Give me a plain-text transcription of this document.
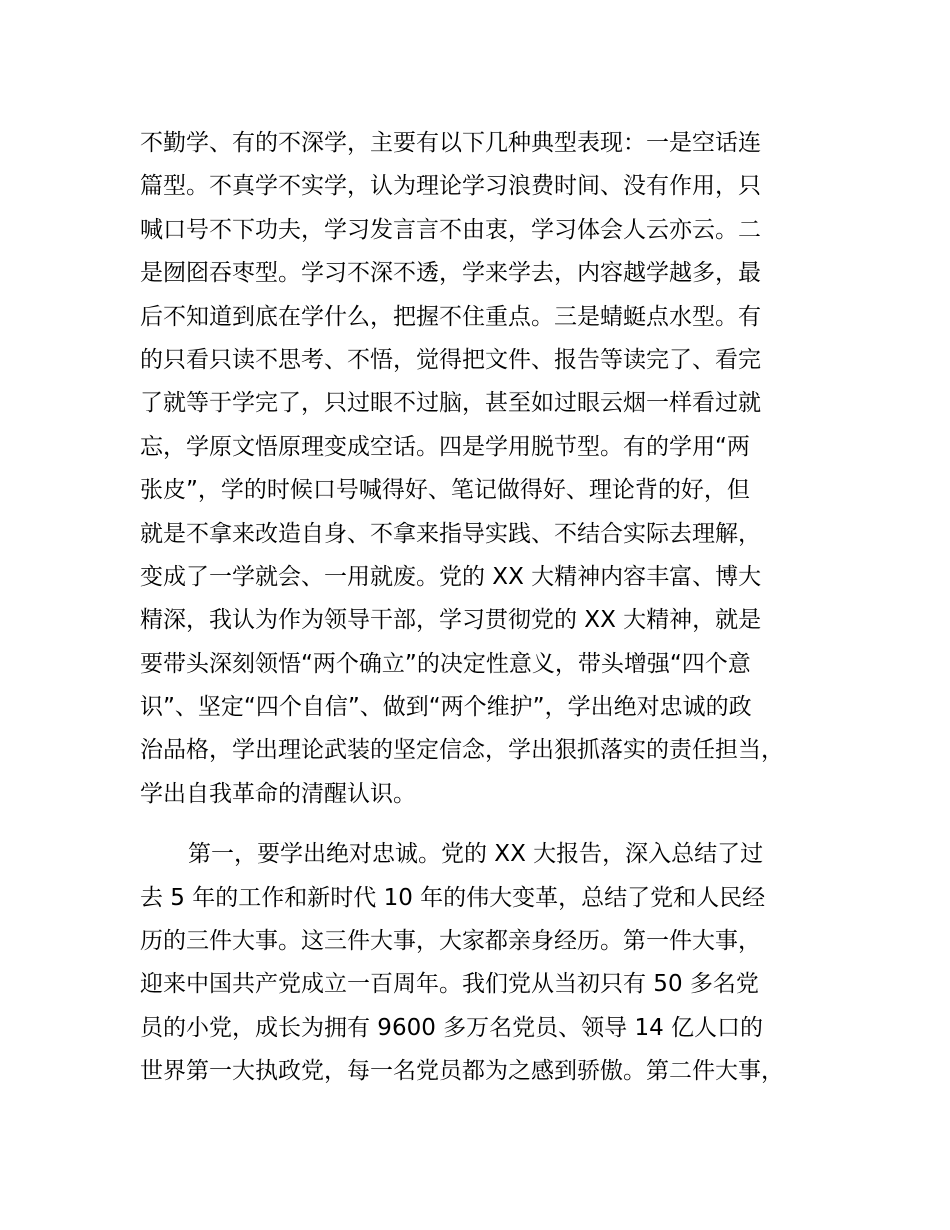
不勤学、有的不深学，主要有以下几种典型表现：一是空话连
篇型。不真学不实学，认为理论学习浪费时间、没有作用，只
喊口号不下功夫，学习发言言不由衷，学习体会人云亦云。二
是囫囵吞枣型。学习不深不透，学来学去，内容越学越多，最
后不知道到底在学什么，把握不住重点。三是蜻蜓点水型。有
的只看只读不思考、不悟，觉得把文件、报告等读完了、看完
了就等于学完了，只过眼不过脑，甚至如过眼云烟一样看过就
忘，学原文悟原理变成空话。四是学用脱节型。有的学用“两
张皮”，学的时候口号喊得好、笔记做得好、理论背的好，但
就是不拿来改造自身、不拿来指导实践、不结合实际去理解，
变成了一学就会、一用就废。党的 XX 大精神内容丰富、博大
精深，我认为作为领导干部，学习贯彻党的 XX 大精神，就是
要带头深刻领悟“两个确立”的决定性意义，带头增强“四个意
识”、坚定“四个自信”、做到“两个维护”，学出绝对忠诚的政
治品格，学出理论武装的坚定信念，学出狠抓落实的责任担当，
学出自我革命的清醒认识。
第一，要学出绝对忠诚。党的 XX 大报告，深入总结了过
去 5 年的工作和新时代 10 年的伟大变革，总结了党和人民经
历的三件大事。这三件大事，大家都亲身经历。第一件大事，
迎来中国共产党成立一百周年。我们党从当初只有 50 多名党
员的小党，成长为拥有 9600 多万名党员、领导 14 亿人口的
世界第一大执政党，每一名党员都为之感到骄傲。第二件大事，
